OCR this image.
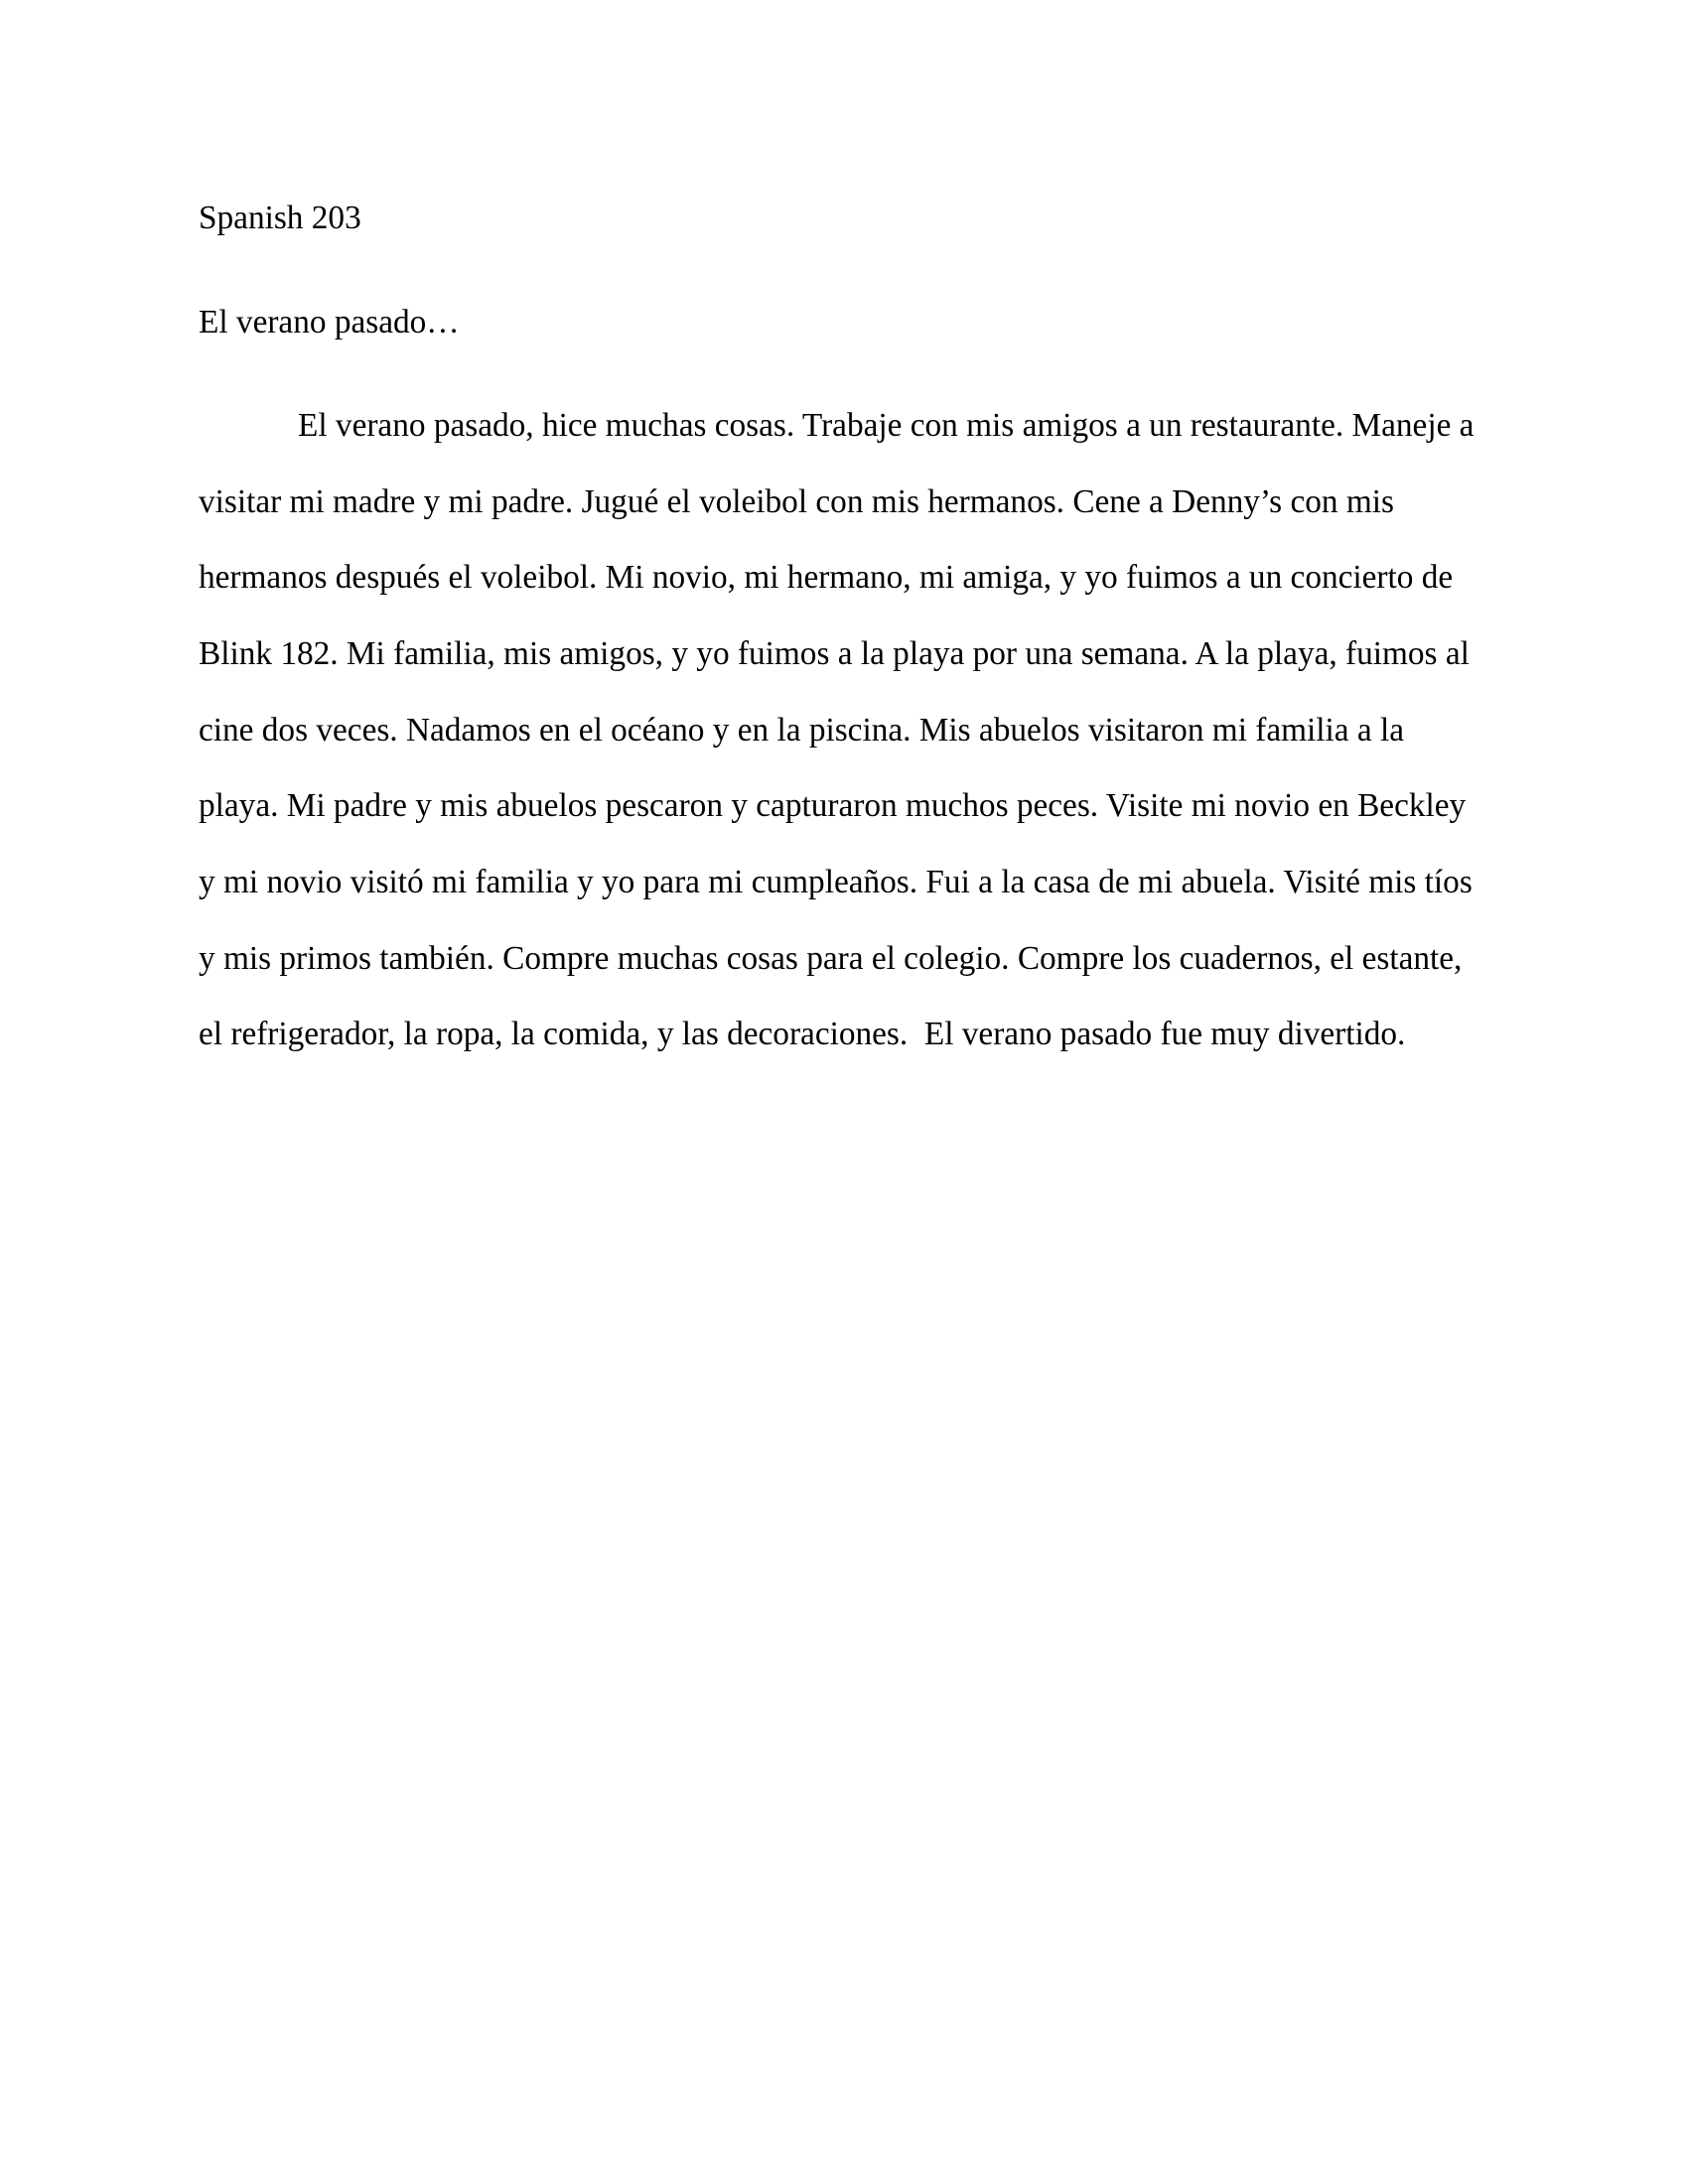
Spanish 203
El verano pasado…
El verano pasado, hice muchas cosas. Trabaje con mis amigos a un restaurante. Maneje a
visitar mi madre y mi padre. Jugué el voleibol con mis hermanos. Cene a Denny’s con mis
hermanos después el voleibol. Mi novio, mi hermano, mi amiga, y yo fuimos a un concierto de
Blink 182. Mi familia, mis amigos, y yo fuimos a la playa por una semana. A la playa, fuimos al
cine dos veces. Nadamos en el océano y en la piscina. Mis abuelos visitaron mi familia a la
playa. Mi padre y mis abuelos pescaron y capturaron muchos peces. Visite mi novio en Beckley
y mi novio visitó mi familia y yo para mi cumpleaños. Fui a la casa de mi abuela. Visité mis tíos
y mis primos también. Compre muchas cosas para el colegio. Compre los cuadernos, el estante,
el refrigerador, la ropa, la comida, y las decoraciones.  El verano pasado fue muy divertido.
